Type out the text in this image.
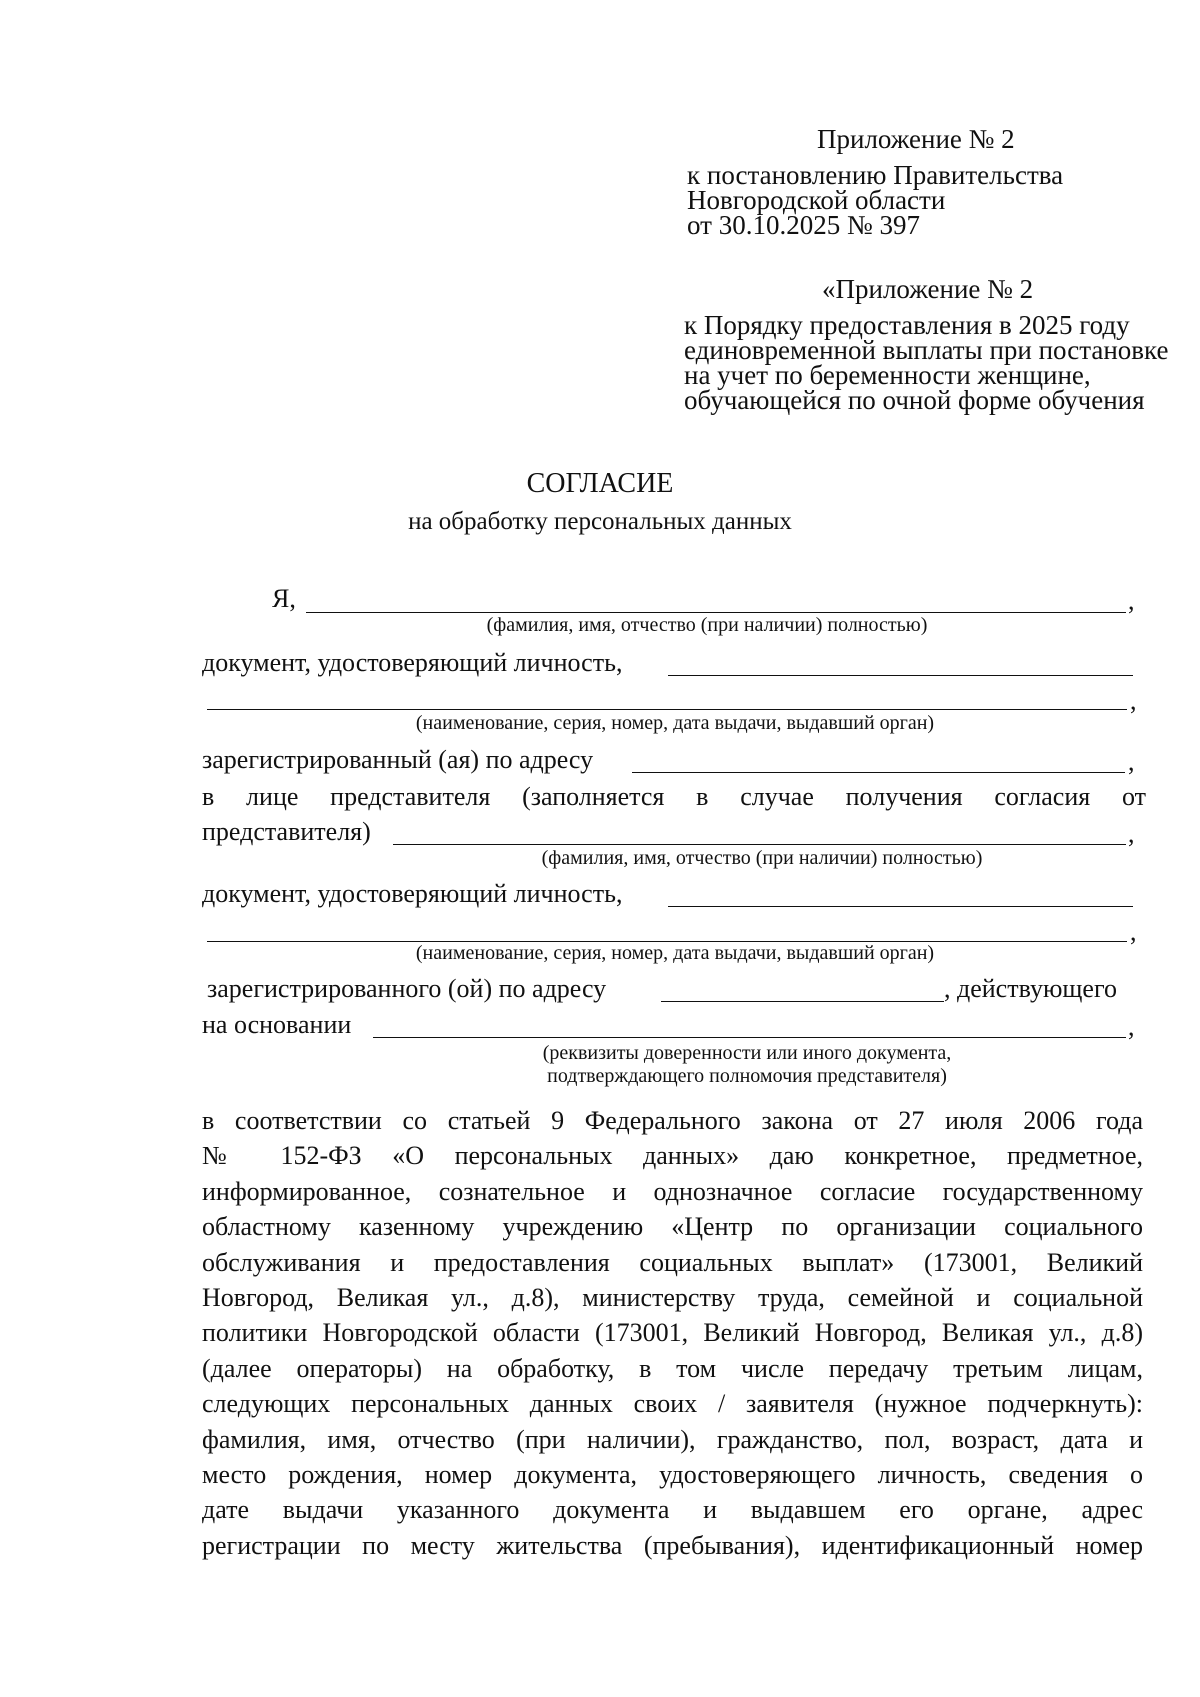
Приложение № 2
к постановлению Правительства
Новгородской области
от 30.10.2025 № 397
«Приложение № 2
к Порядку предоставления в 2025 году
единовременной выплаты при постановке
на учет по беременности женщине,
обучающейся по очной форме обучения
СОГЛАСИЕ
на обработку персональных данных
Я,	,
(фамилия, имя, отчество (при наличии) полностью)
документ, удостоверяющий личность,
,
(наименование, серия, номер, дата выдачи, выдавший орган)
зарегистрированный (ая) по адресу	,
в лице представителя (заполняется в случае получения согласия от
представителя)	,
(фамилия, имя, отчество (при наличии) полностью)
документ, удостоверяющий личность,
,
(наименование, серия, номер, дата выдачи, выдавший орган)
зарегистрированного (ой) по адресу	, действующего
на основании	,
(реквизиты доверенности или иного документа,
подтверждающего полномочия представителя)
в соответствии со статьей 9 Федерального закона от 27 июля 2006 года
№ 152-ФЗ «О персональных данных» даю конкретное, предметное,
информированное, сознательное и однозначное согласие государственному
областному казенному учреждению «Центр по организации социального
обслуживания и предоставления социальных выплат» (173001, Великий
Новгород, Великая ул., д.8), министерству труда, семейной и социальной
политики Новгородской области (173001, Великий Новгород, Великая ул., д.8)
(далее операторы) на обработку, в том числе передачу третьим лицам,
следующих персональных данных своих / заявителя (нужное подчеркнуть):
фамилия, имя, отчество (при наличии), гражданство, пол, возраст, дата и
место рождения, номер документа, удостоверяющего личность, сведения о
дате выдачи указанного документа и выдавшем его органе, адрес
регистрации по месту жительства (пребывания), идентификационный номер
